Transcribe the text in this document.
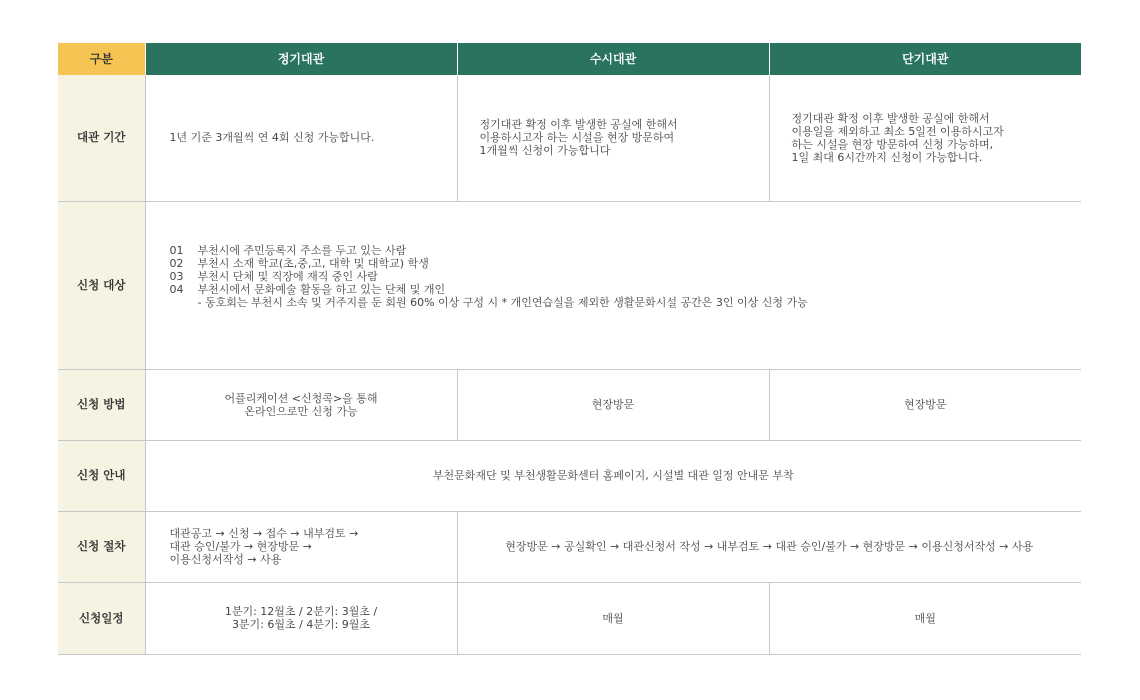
구분	정기대관	수시대관	단기대관
대관 기간	1년 기준 3개월씩 연 4회 신청 가능합니다.	정기대관 확정 이후 발생한 공실에 한해서
이용하시고자 하는 시설을 현장 방문하여
1개월씩 신청이 가능합니다	정기대관 확정 이후 발생한 공실에 한해서
이용일을 제외하고 최소 5일전 이용하시고자
하는 시설을 현장 방문하여 신청 가능하며,
1일 최대 6시간까지 신청이 가능합니다.
신청 대상	01 부천시에 주민등록지 주소를 두고 있는 사람
02 부천시 소재 학교(초,중,고, 대학 및 대학교) 학생
03 부천시 단체 및 직장에 재직 중인 사람
04 부천시에서 문화예술 활동을 하고 있는 단체 및 개인
- 동호회는 부천시 소속 및 거주지를 둔 회원 60% 이상 구성 시 * 개인연습실을 제외한 생활문화시설 공간은 3인 이상 신청 가능		

신청 방법	어플리케이션 <신청콕>을 통해
온라인으로만 신청 가능	현장방문	현장방문
신청 안내	부천문화재단 및 부천생활문화센터 홈페이지, 시설별 대관 일정 안내문 부착		
신청 절차	대관공고 → 신청 → 접수 → 내부검토 →
대관 승인/불가 → 현장방문 →
이용신청서작성 → 사용	현장방문 → 공실확인 → 대관신청서 작성 → 내부검토 → 대관 승인/불가 → 현장방문 → 이용신청서작성 → 사용	
신청일정	1분기: 12월초 / 2분기: 3월초 /
3분기: 6월초 / 4분기: 9월초	매월	매월
